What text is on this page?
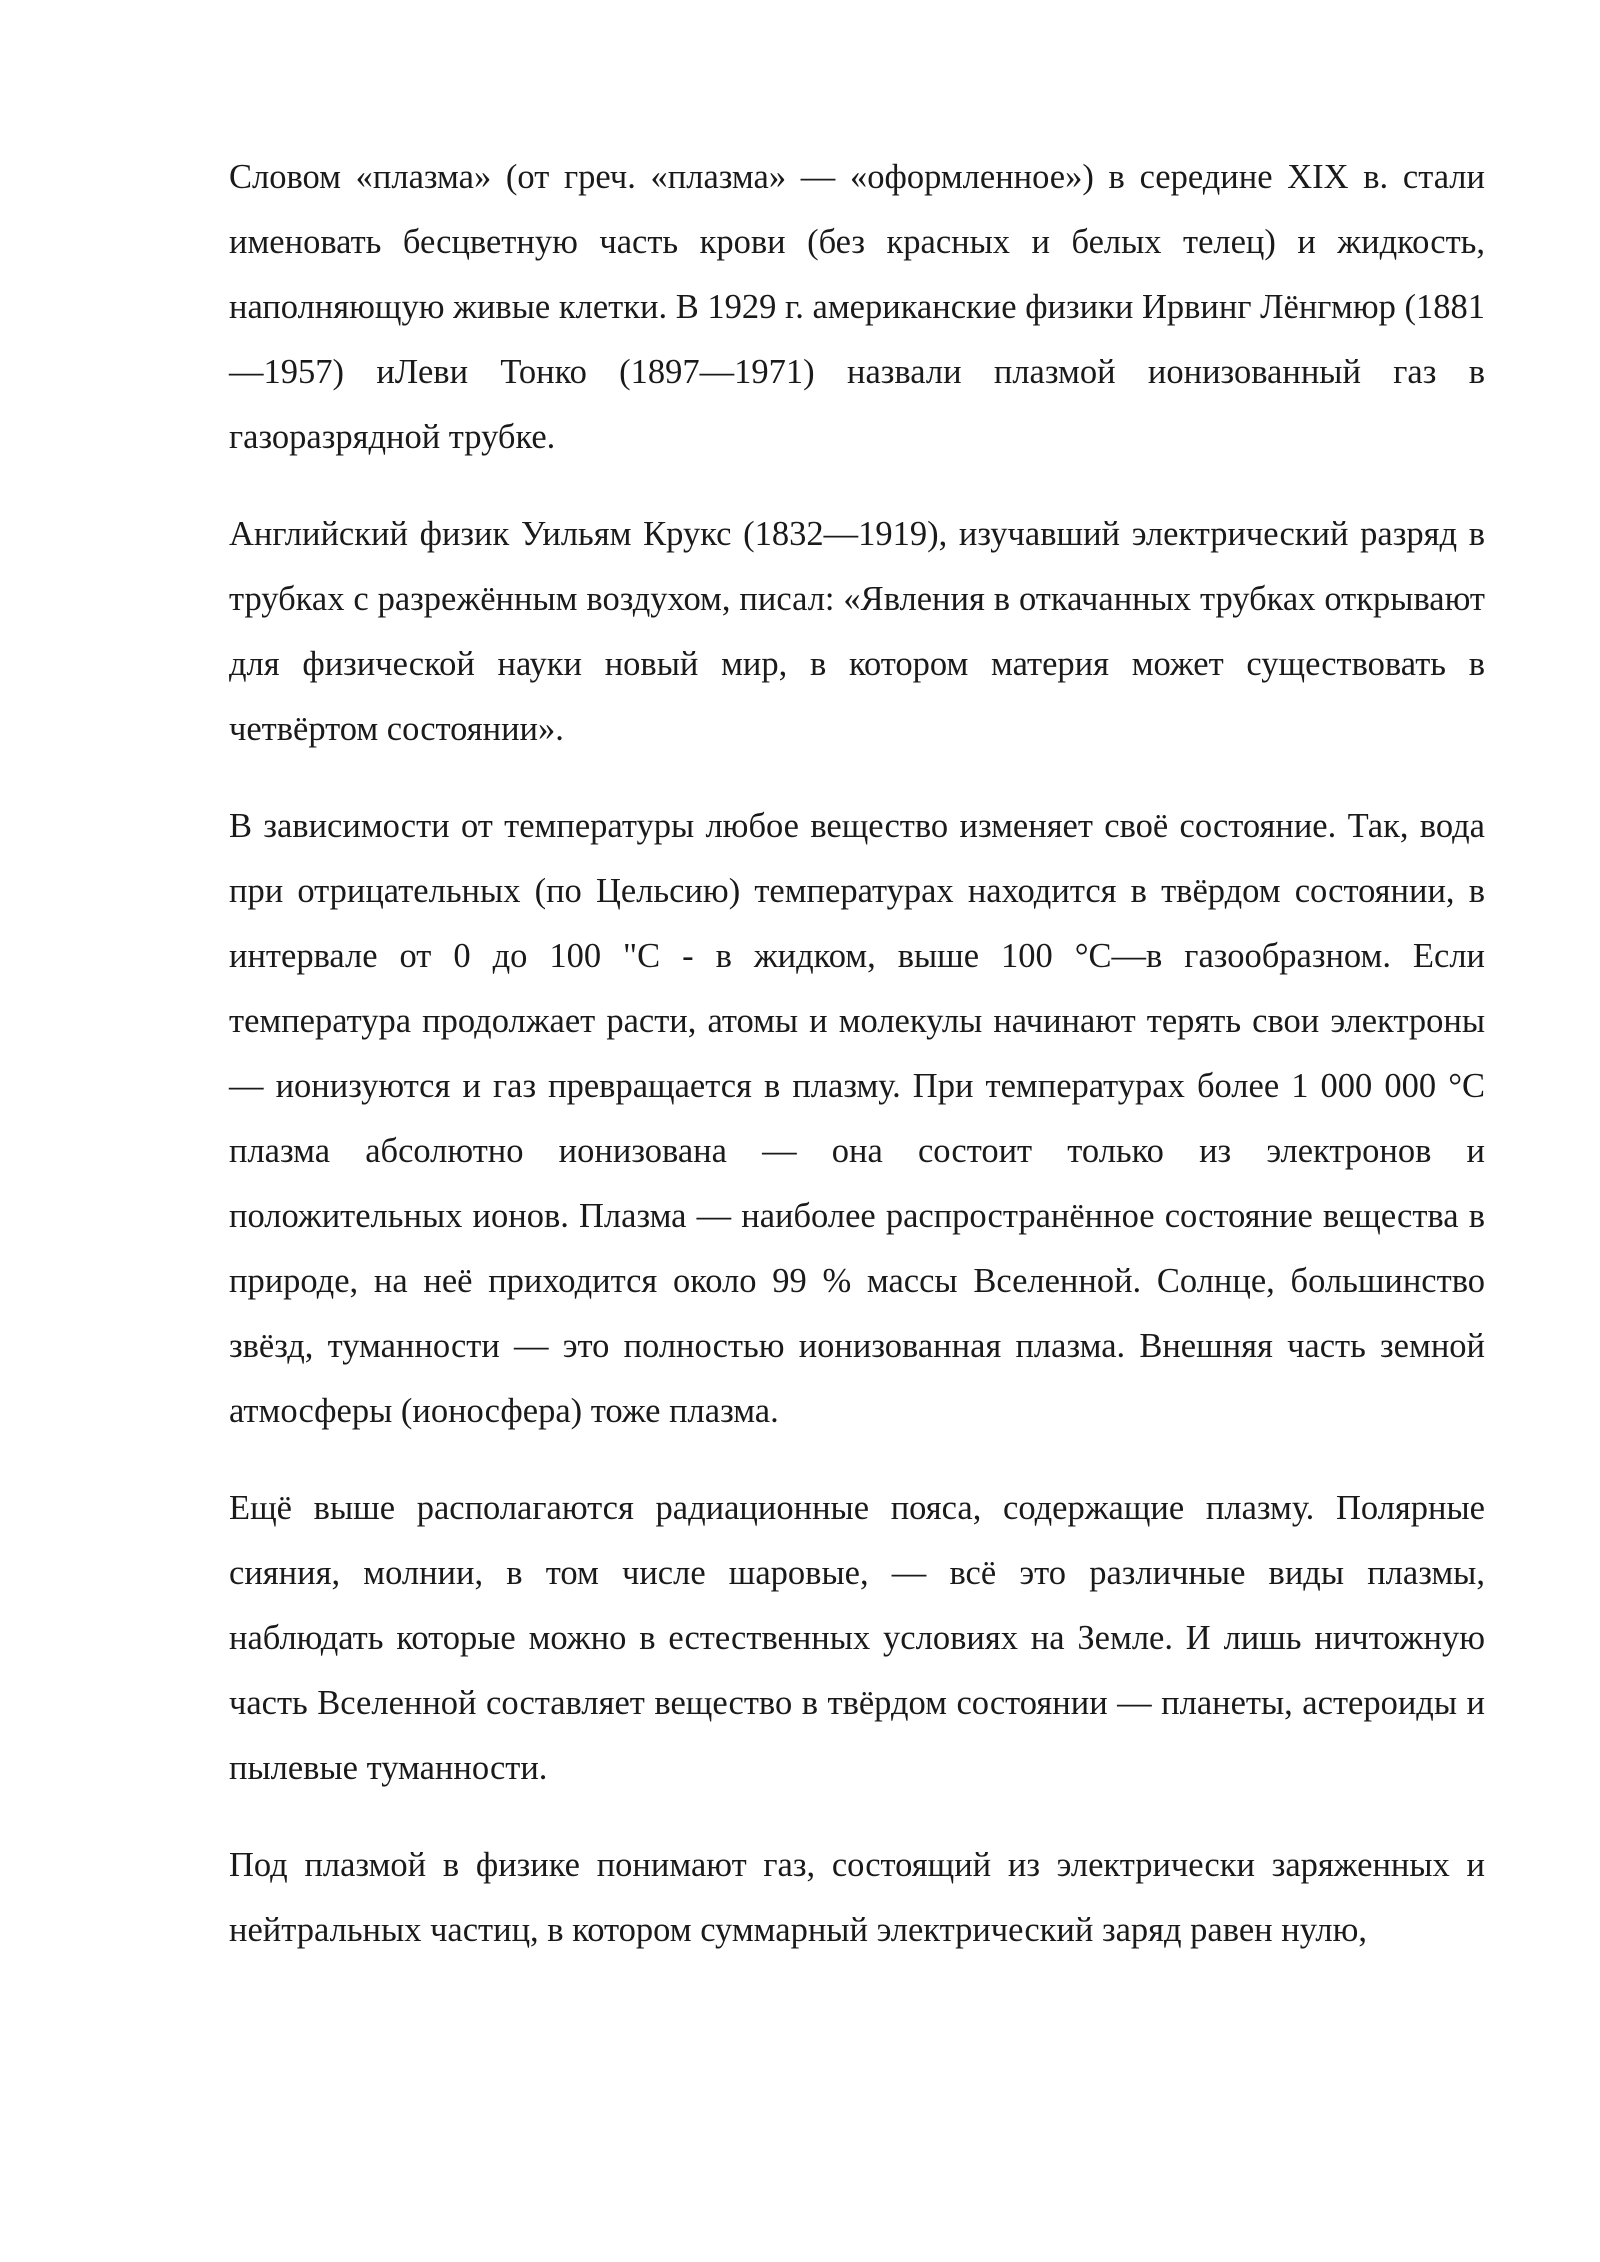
Словом «плазма» (от греч. «плазма» — «оформленное») в середине XIX в. стали именовать бесцветную часть крови (без красных и белых телец) и жидкость, наполняющую живые клетки. В 1929 г. американские физики Ирвинг Лёнгмюр (1881—1957) иЛеви Тонко (1897—1971) назвали плазмой ионизованный газ в газоразрядной трубке.

Английский физик Уильям Крукс (1832—1919), изучавший электрический разряд в трубках с разрежённым воздухом, писал: «Явления в откачанных трубках открывают для физической науки новый мир, в котором материя может существовать в четвёртом состоянии».

В зависимости от температуры любое вещество изменяет своё состояние. Так, вода при отрицательных (по Цельсию) температурах находится в твёрдом состоянии, в интервале от 0 до 100 "С - в жидком, выше 100 °С—в газообразном. Если температура продолжает расти, атомы и молекулы начинают терять свои электроны — ионизуются и газ превращается в плазму. При температурах более 1 000 000 °С плазма абсолютно ионизована — она состоит только из электронов и положительных ионов. Плазма — наиболее распространённое состояние вещества в природе, на неё приходится около 99 % массы Вселенной. Солнце, большинство звёзд, туманности — это полностью ионизованная плазма. Внешняя часть земной атмосферы (ионосфера) тоже плазма.

Ещё выше располагаются радиационные пояса, содержащие плазму. Полярные сияния, молнии, в том числе шаровые, — всё это различные виды плазмы, наблюдать которые можно в естественных условиях на Земле. И лишь ничтожную часть Вселенной составляет вещество в твёрдом состоянии — планеты, астероиды и пылевые туманности.

Под плазмой в физике понимают газ, состоящий из электрически заряженных и нейтральных частиц, в котором суммарный электрический заряд равен нулю,
